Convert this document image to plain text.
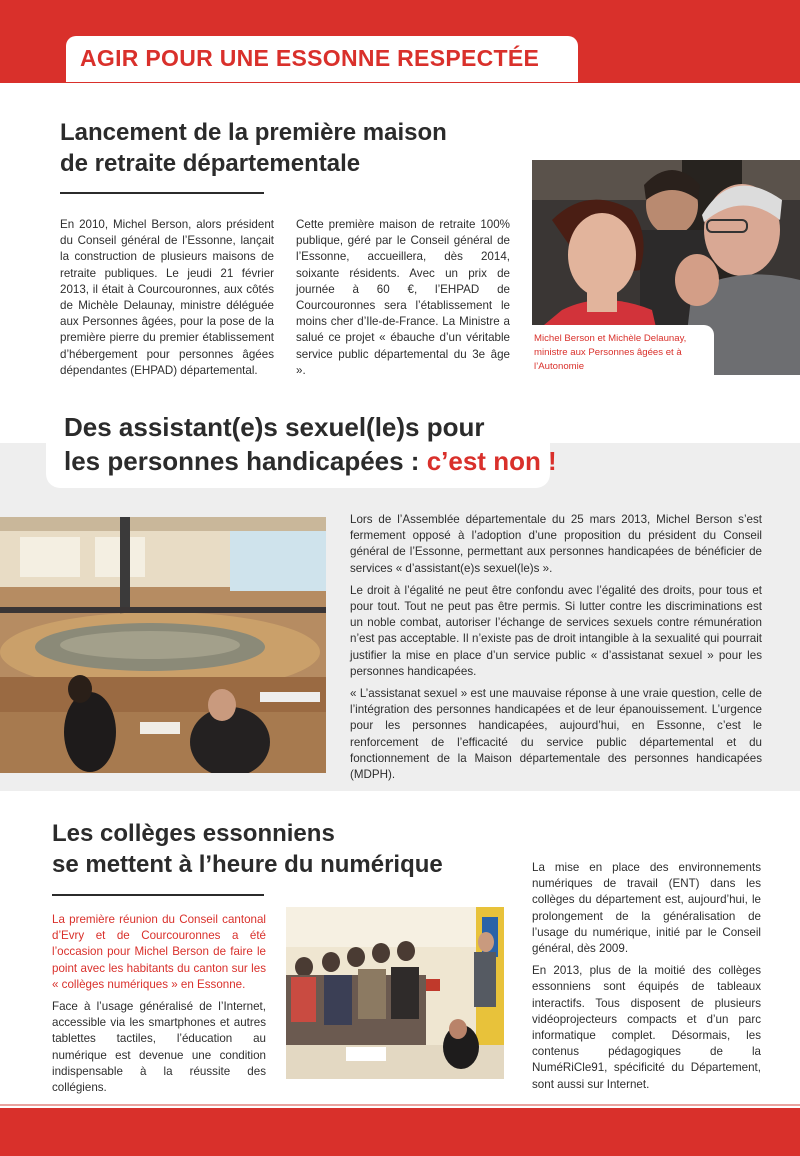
AGIR POUR UNE ESSONNE RESPECTÉE
Lancement de la première maison
de retraite départementale

En 2010, Michel Berson, alors président du Conseil général de l’Essonne, lançait la construction de plusieurs maisons de retraite publiques. Le jeudi 21 février 2013, il était à Courcouronnes, aux côtés de Michèle Delaunay, ministre déléguée aux Personnes âgées, pour la pose de la première pierre du premier établissement d’hébergement pour personnes âgées dépendantes (EHPAD) départemental.

Cette première maison de retraite 100% publique, géré par le Conseil général de l’Essonne, accueillera, dès 2014, soixante résidents. Avec un prix de journée à 60 €, l’EHPAD de Courcouronnes sera l’établissement le moins cher d’Ile-de-France. La Ministre a salué ce projet « ébauche d’un véritable service public départemental du 3e âge ».

Michel Berson et Michèle Delaunay, ministre aux Personnes âgées et à l’Autonomie
Des assistant(e)s sexuel(le)s pour
les personnes handicapées : c’est non !

Lors de l’Assemblée départementale du 25 mars 2013, Michel Berson s’est fermement opposé à l’adoption d’une proposition du président du Conseil général de l’Essonne, permettant aux personnes handicapées de bénéficier de services « d’assistant(e)s sexuel(le)s ».

Le droit à l’égalité ne peut être confondu avec l’égalité des droits, pour tous et pour tout. Tout ne peut pas être permis. Si lutter contre les discriminations est un noble combat, autoriser l’échange de services sexuels contre rémunération n’est pas acceptable. Il n’existe pas de droit intangible à la sexualité qui pourrait justifier la mise en place d’un service public « d’assistanat sexuel » pour les personnes handicapées.

« L’assistanat sexuel » est une mauvaise réponse à une vraie question, celle de l’intégration des personnes handicapées et de leur épanouissement. L’urgence pour les personnes handicapées, aujourd’hui, en Essonne, c’est le renforcement de l’efficacité du service public départemental et du fonctionnement de la Maison départementale des personnes handicapées (MDPH).

Les collèges essonniens
se mettent à l’heure du numérique

La première réunion du Conseil cantonal d’Evry et de Courcouronnes a été l’occasion pour Michel Berson de faire le point avec les habitants du canton sur les « collèges numériques » en Essonne.

Face à l’usage généralisé de l’Internet, accessible via les smartphones et autres tablettes tactiles, l’éducation au numérique est devenue une condition indispensable à la réussite des collégiens.

La mise en place des environnements numériques de travail (ENT) dans les collèges du département est, aujourd’hui, le prolongement de la généralisation de l’usage du numérique, initié par le Conseil général, dès 2009.

En 2013, plus de la moitié des collèges essonniens sont équipés de tableaux interactifs. Tous disposent de plusieurs vidéoprojecteurs compacts et d’un parc informatique complet. Désormais, les contenus pédagogiques de la NuméRiCle91, spécificité du Département, sont aussi sur Internet.
